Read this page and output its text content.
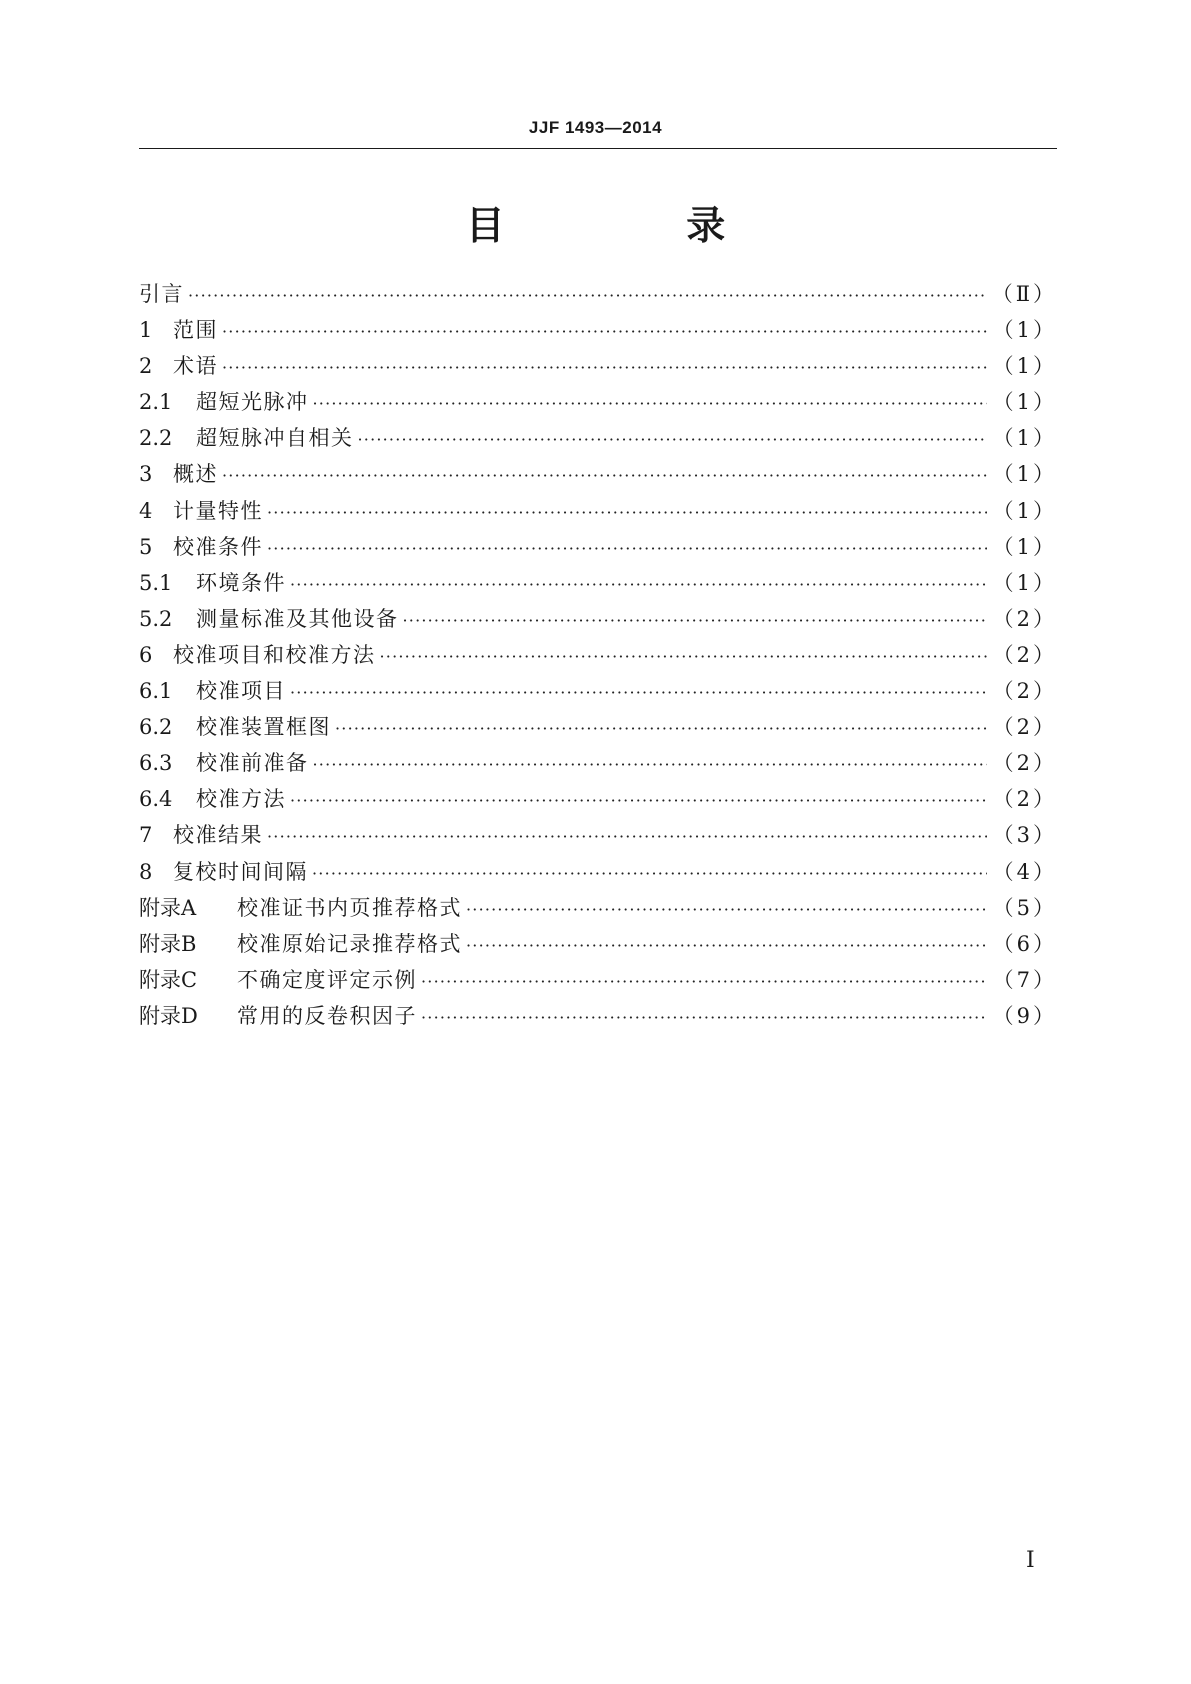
JJF 1493—2014
目 录
引言 ·····	（Ⅱ）
1 范围 ·····	（1）
2 术语 ·····	（1）
2.1	超短光脉冲 ·····	（1）
2.2	超短脉冲自相关 ·····	（1）
3 概述 ·····	（1）
4 计量特性 ·····	（1）
5 校准条件 ·····	（1）
5.1	环境条件 ·····	（1）
5.2	测量标准及其他设备 ·····	（2）
6 校准项目和校准方法 ·····	（2）
6.1	校准项目 ·····	（2）
6.2	校准装置框图 ·····	（2）
6.3	校准前准备 ·····	（2）
6.4	校准方法 ·····	（2）
7 校准结果 ·····	（3）
8 复校时间间隔 ·····	（4）
附录A	校准证书内页推荐格式 ·····	（5）
附录B	校准原始记录推荐格式 ·····	（6）
附录C	不确定度评定示例 ·····	（7）
附录D	常用的反卷积因子 ·····	（9）
Ⅰ
